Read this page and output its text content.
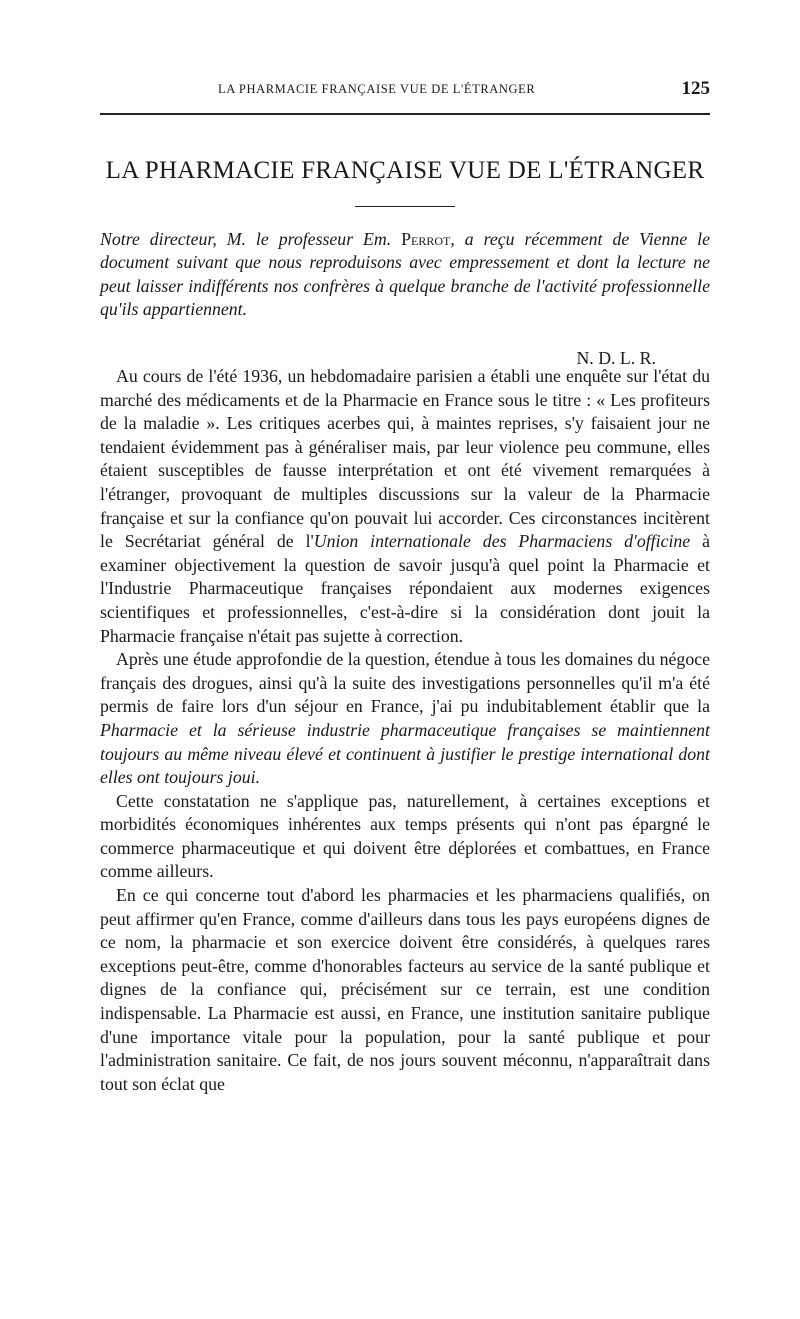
LA PHARMACIE FRANÇAISE VUE DE L'ÉTRANGER	125
LA PHARMACIE FRANÇAISE VUE DE L'ÉTRANGER
Notre directeur, M. le professeur Em. Perrot, a reçu récemment de Vienne le document suivant que nous reproduisons avec empressement et dont la lecture ne peut laisser indifférents nos confrères à quelque branche de l'activité professionnelle qu'ils appartiennent.
N. D. L. R.

Au cours de l'été 1936, un hebdomadaire parisien a établi une enquête sur l'état du marché des médicaments et de la Pharmacie en France sous le titre : « Les profiteurs de la maladie ». Les critiques acerbes qui, à maintes reprises, s'y faisaient jour ne tendaient évidemment pas à généraliser mais, par leur violence peu commune, elles étaient susceptibles de fausse interprétation et ont été vivement remarquées à l'étranger, provoquant de multiples discussions sur la valeur de la Pharmacie française et sur la confiance qu'on pouvait lui accorder. Ces circonstances incitèrent le Secrétariat général de l'Union internationale des Pharmaciens d'officine à examiner objectivement la question de savoir jusqu'à quel point la Pharmacie et l'Industrie Pharmaceutique françaises répondaient aux modernes exigences scientifiques et professionnelles, c'est-à-dire si la considération dont jouit la Pharmacie française n'était pas sujette à correction.

Après une étude approfondie de la question, étendue à tous les domaines du négoce français des drogues, ainsi qu'à la suite des investigations personnelles qu'il m'a été permis de faire lors d'un séjour en France, j'ai pu indubitablement établir que la Pharmacie et la sérieuse industrie pharmaceutique françaises se maintiennent toujours au même niveau élevé et continuent à justifier le prestige international dont elles ont toujours joui.

Cette constatation ne s'applique pas, naturellement, à certaines exceptions et morbidités économiques inhérentes aux temps présents qui n'ont pas épargné le commerce pharmaceutique et qui doivent être déplorées et combattues, en France comme ailleurs.

En ce qui concerne tout d'abord les pharmacies et les pharmaciens qualifiés, on peut affirmer qu'en France, comme d'ailleurs dans tous les pays européens dignes de ce nom, la pharmacie et son exercice doivent être considérés, à quelques rares exceptions peut-être, comme d'honorables facteurs au service de la santé publique et dignes de la confiance qui, précisément sur ce terrain, est une condition indispensable. La Pharmacie est aussi, en France, une institution sanitaire publique d'une importance vitale pour la population, pour la santé publique et pour l'administration sanitaire. Ce fait, de nos jours souvent méconnu, n'apparaîtrait dans tout son éclat que
